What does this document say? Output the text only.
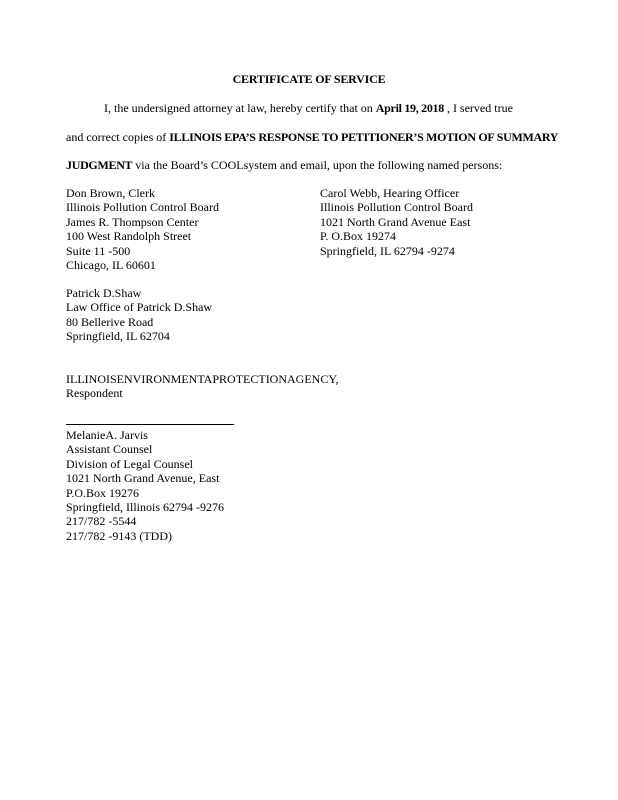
CERTIFICATE OF SERVICE
I, the undersigned attorney at law, hereby certify that on April 19, 2018 , I served true
and correct copies of ILLINOIS EPA’S RESPONSE TO PETITIONER’S MOTION OF SUMMARY
JUDGMENT via the Board’s COOLsystem and email, upon the following named persons:
Don Brown, Clerk
Illinois Pollution Control Board
James R. Thompson Center
100 West Randolph Street
Suite 11 -500
Chicago, IL 60601
Carol Webb, Hearing Officer
Illinois Pollution Control Board
1021 North Grand Avenue East
P. O.Box 19274
Springfield, IL 62794 -9274
Patrick D.Shaw
Law Office of Patrick D.Shaw
80 Bellerive Road
Springfield, IL 62704
ILLINOISENVIRONMENTAPROTECTIONAGENCY,
Respondent
MelanieA. Jarvis
Assistant Counsel
Division of Legal Counsel
1021 North Grand Avenue, East
P.O.Box 19276
Springfield, Illinois 62794 -9276
217/782 -5544
217/782 -9143 (TDD)
